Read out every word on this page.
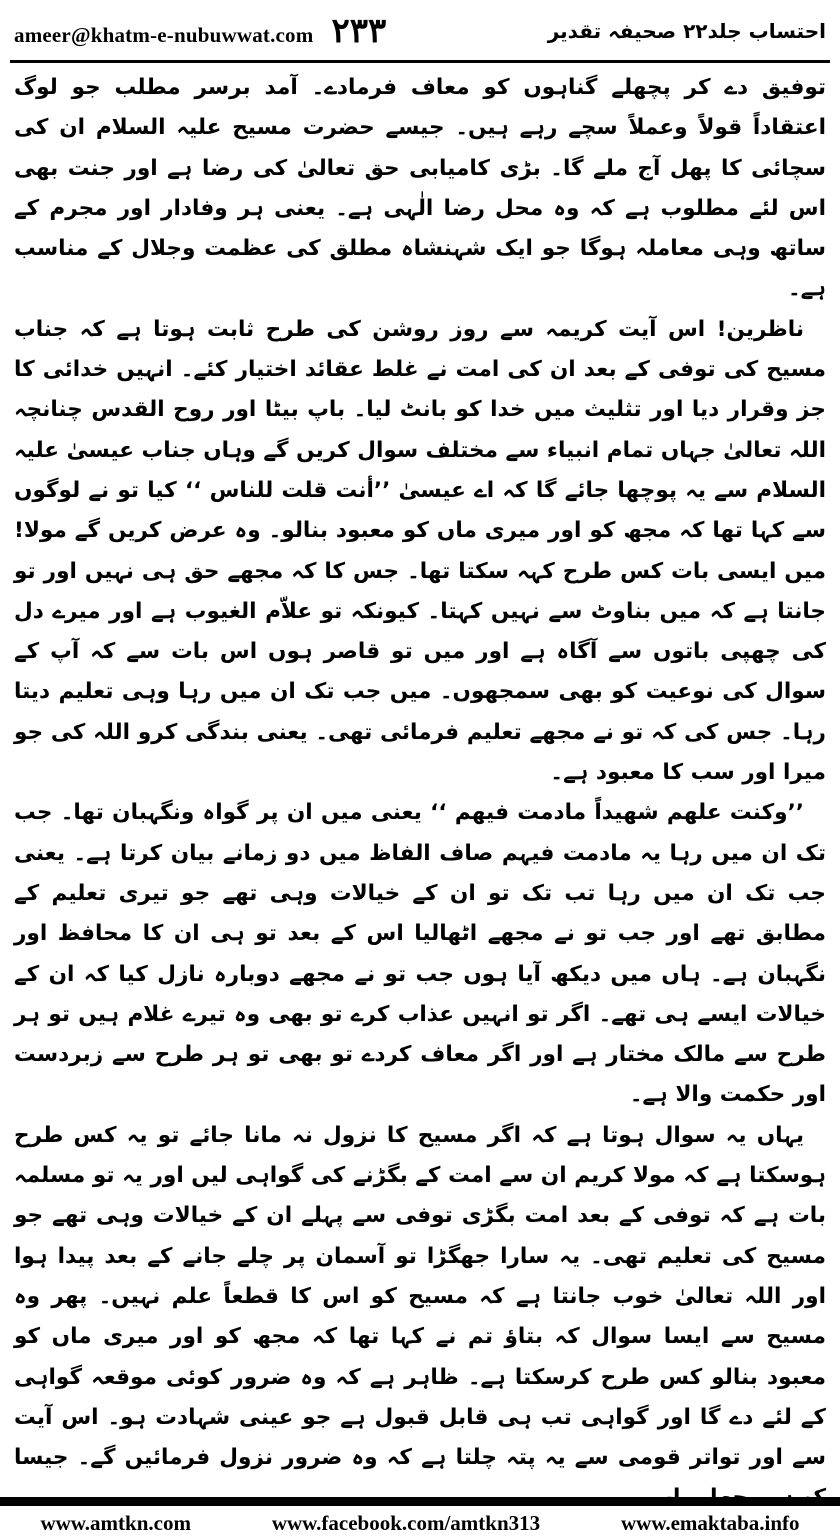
ameer@khatm-e-nubuwwat.com ۲۳۳	احتساب جلد۲۲ صحیفہ تقدیر

توفیق دے کر پچھلے گناہوں کو معاف فرمادے۔ آمد برسر مطلب جو لوگ اعتقاداً قولاً وعملاً سچے رہے ہیں۔ جیسے حضرت مسیح علیہ السلام ان کی سچائی کا پھل آج ملے گا۔ بڑی کامیابی حق تعالیٰ کی رضا ہے اور جنت بھی اس لئے مطلوب ہے کہ وہ محل رضا الٰہی ہے۔ یعنی ہر وفادار اور مجرم کے ساتھ وہی معاملہ ہوگا جو ایک شہنشاہ مطلق کی عظمت وجلال کے مناسب ہے۔

ناظرین! اس آیت کریمہ سے روز روشن کی طرح ثابت ہوتا ہے کہ جناب مسیح کی توفی کے بعد ان کی امت نے غلط عقائد اختیار کئے۔ انہیں خدائی کا جز وقرار دیا اور تثلیث میں خدا کو بانٹ لیا۔ باپ بیٹا اور روح القدس چنانچہ اللہ تعالیٰ جہاں تمام انبیاء سے مختلف سوال کریں گے وہاں جناب عیسیٰ علیہ السلام سے یہ پوچھا جائے گا کہ اے عیسیٰ ’’أنت قلت للناس ‘‘ کیا تو نے لوگوں سے کہا تھا کہ مجھ کو اور میری ماں کو معبود بنالو۔ وہ عرض کریں گے مولا! میں ایسی بات کس طرح کہہ سکتا تھا۔ جس کا کہ مجھے حق ہی نہیں اور تو جانتا ہے کہ میں بناوٹ سے نہیں کہتا۔ کیونکہ تو علاّم الغیوب ہے اور میرے دل کی چھپی باتوں سے آگاہ ہے اور میں تو قاصر ہوں اس بات سے کہ آپ کے سوال کی نوعیت کو بھی سمجھوں۔ میں جب تک ان میں رہا وہی تعلیم دیتا رہا۔ جس کی کہ تو نے مجھے تعلیم فرمائی تھی۔ یعنی بندگی کرو اللہ کی جو میرا اور سب کا معبود ہے۔

’’وکنت علهم شهیداً مادمت فیهم ‘‘ یعنی میں ان پر گواہ ونگہبان تھا۔ جب تک ان میں رہا یہ مادمت فیہم صاف الفاظ میں دو زمانے بیان کرتا ہے۔ یعنی جب تک ان میں رہا تب تک تو ان کے خیالات وہی تھے جو تیری تعلیم کے مطابق تھے اور جب تو نے مجھے اٹھالیا اس کے بعد تو ہی ان کا محافظ اور نگہبان ہے۔ ہاں میں دیکھ آیا ہوں جب تو نے مجھے دوبارہ نازل کیا کہ ان کے خیالات ایسے ہی تھے۔ اگر تو انہیں عذاب کرے تو بھی وہ تیرے غلام ہیں تو ہر طرح سے مالک مختار ہے اور اگر معاف کردے تو بھی تو ہر طرح سے زبردست اور حکمت والا ہے۔

یہاں یہ سوال ہوتا ہے کہ اگر مسیح کا نزول نہ مانا جائے تو یہ کس طرح ہوسکتا ہے کہ مولا کریم ان سے امت کے بگڑنے کی گواہی لیں اور یہ تو مسلمہ بات ہے کہ توفی کے بعد امت بگڑی توفی سے پہلے ان کے خیالات وہی تھے جو مسیح کی تعلیم تھی۔ یہ سارا جھگڑا تو آسمان پر چلے جانے کے بعد پیدا ہوا اور اللہ تعالیٰ خوب جانتا ہے کہ مسیح کو اس کا قطعاً علم نہیں۔ پھر وہ مسیح سے ایسا سوال کہ بتاؤ تم نے کہا تھا کہ مجھ کو اور میری ماں کو معبود بنالو کس طرح کرسکتا ہے۔ ظاہر ہے کہ وہ ضرور کوئی موقعہ گواہی کے لئے دے گا اور گواہی تب ہی قابل قبول ہے جو عینی شہادت ہو۔ اس آیت سے اور تواتر قومی سے یہ پتہ چلتا ہے کہ وہ ضرور نزول فرمائیں گے۔ جیسا

www.amtkn.com	www.facebook.com/amtkn313	www.emaktaba.info
